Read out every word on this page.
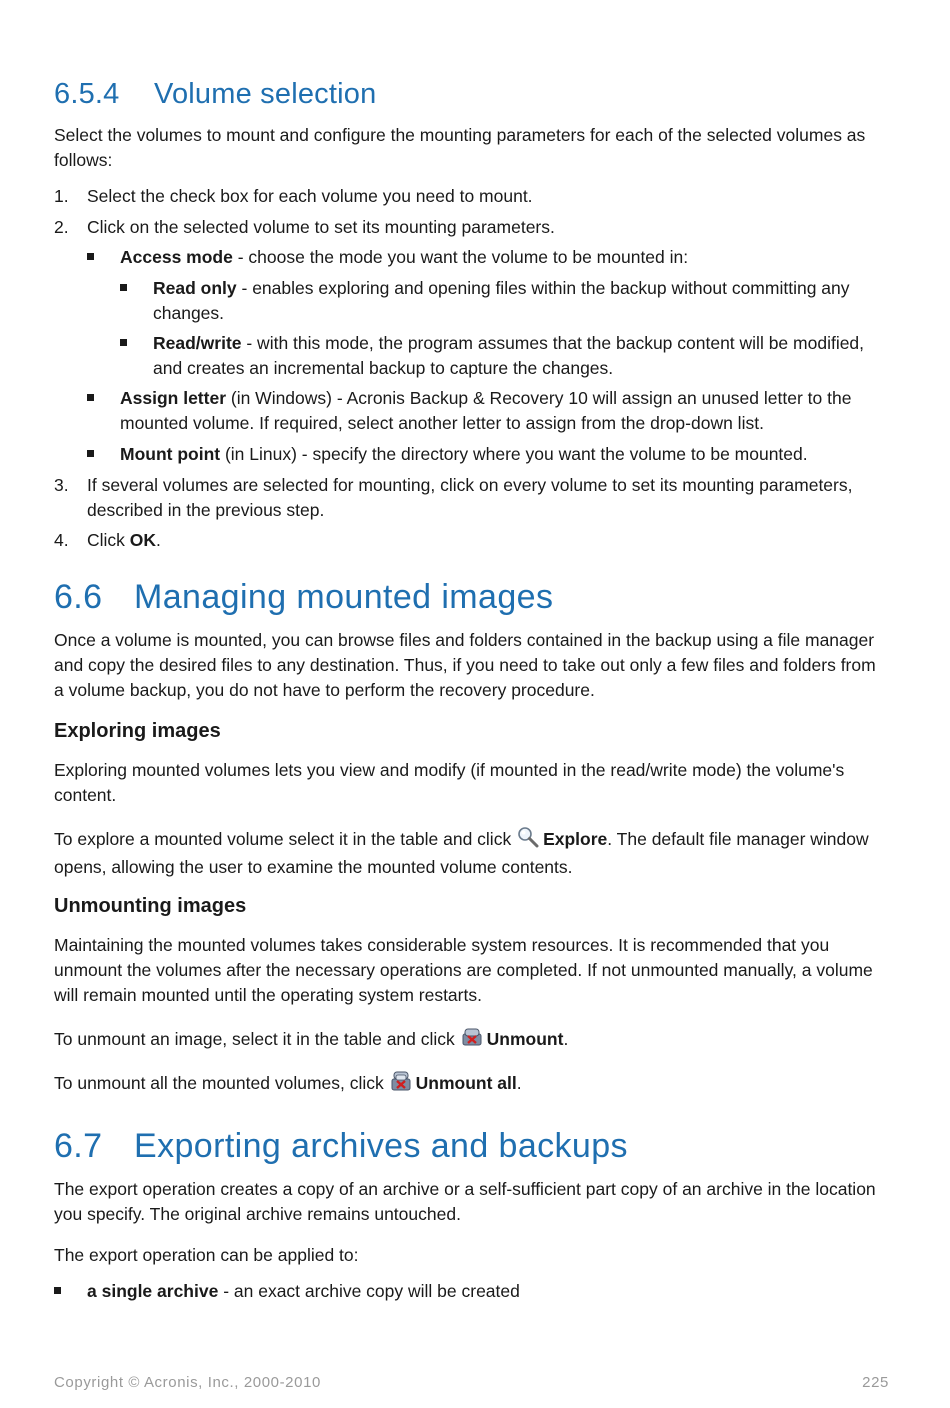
6.5.4 Volume selection
Select the volumes to mount and configure the mounting parameters for each of the selected volumes as follows:
1. Select the check box for each volume you need to mount.
2. Click on the selected volume to set its mounting parameters.
Access mode - choose the mode you want the volume to be mounted in:
Read only - enables exploring and opening files within the backup without committing any changes.
Read/write - with this mode, the program assumes that the backup content will be modified, and creates an incremental backup to capture the changes.
Assign letter (in Windows) - Acronis Backup & Recovery 10 will assign an unused letter to the mounted volume. If required, select another letter to assign from the drop-down list.
Mount point (in Linux) - specify the directory where you want the volume to be mounted.
3. If several volumes are selected for mounting, click on every volume to set its mounting parameters, described in the previous step.
4. Click OK.
6.6 Managing mounted images
Once a volume is mounted, you can browse files and folders contained in the backup using a file manager and copy the desired files to any destination. Thus, if you need to take out only a few files and folders from a volume backup, you do not have to perform the recovery procedure.
Exploring images
Exploring mounted volumes lets you view and modify (if mounted in the read/write mode) the volume's content.
To explore a mounted volume select it in the table and click Explore. The default file manager window opens, allowing the user to examine the mounted volume contents.
Unmounting images
Maintaining the mounted volumes takes considerable system resources. It is recommended that you unmount the volumes after the necessary operations are completed. If not unmounted manually, a volume will remain mounted until the operating system restarts.
To unmount an image, select it in the table and click Unmount.
To unmount all the mounted volumes, click Unmount all.
6.7 Exporting archives and backups
The export operation creates a copy of an archive or a self-sufficient part copy of an archive in the location you specify. The original archive remains untouched.
The export operation can be applied to:
a single archive - an exact archive copy will be created
Copyright © Acronis, Inc., 2000-2010	225
